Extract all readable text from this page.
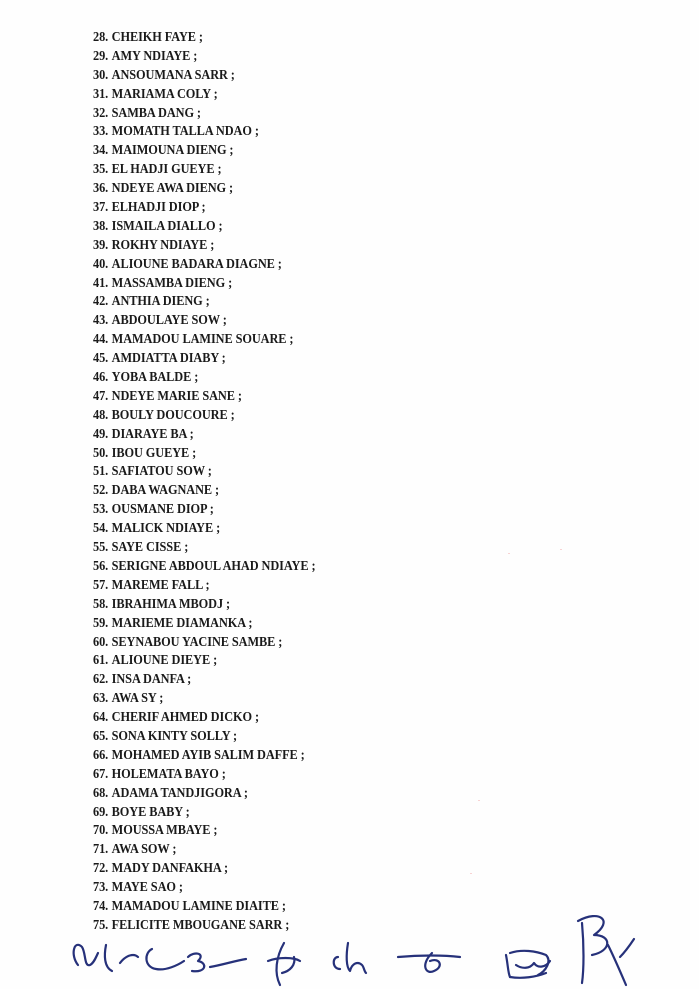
28. CHEIKH FAYE ;
29. AMY NDIAYE ;
30. ANSOUMANA SARR ;
31. MARIAMA COLY ;
32. SAMBA DANG ;
33. MOMATH TALLA NDAO ;
34. MAIMOUNA DIENG ;
35. EL HADJI GUEYE ;
36. NDEYE AWA DIENG ;
37. ELHADJI DIOP ;
38. ISMAILA DIALLO ;
39. ROKHY NDIAYE ;
40. ALIOUNE BADARA DIAGNE ;
41. MASSAMBA DIENG ;
42. ANTHIA DIENG ;
43. ABDOULAYE SOW ;
44. MAMADOU LAMINE SOUARE ;
45. AMDIATTA DIABY ;
46. YOBA BALDE ;
47. NDEYE MARIE SANE ;
48. BOULY DOUCOURE ;
49. DIARAYE BA ;
50. IBOU GUEYE ;
51. SAFIATOU SOW ;
52. DABA WAGNANE ;
53. OUSMANE DIOP ;
54. MALICK NDIAYE ;
55. SAYE CISSE ;
56. SERIGNE ABDOUL AHAD NDIAYE ;
57. MAREME FALL ;
58. IBRAHIMA MBODJ ;
59. MARIEME DIAMANKA ;
60. SEYNABOU YACINE SAMBE ;
61. ALIOUNE DIEYE ;
62. INSA DANFA ;
63. AWA SY ;
64. CHERIF AHMED DICKO ;
65. SONA KINTY SOLLY ;
66. MOHAMED AYIB SALIM DAFFE ;
67. HOLEMATA BAYO ;
68. ADAMA TANDJIGORA ;
69. BOYE BABY ;
70. MOUSSA MBAYE ;
71. AWA SOW ;
72. MADY DANFAKHA ;
73. MAYE SAO ;
74. MAMADOU LAMINE DIAITE ;
75. FELICITE MBOUGANE SARR ;
